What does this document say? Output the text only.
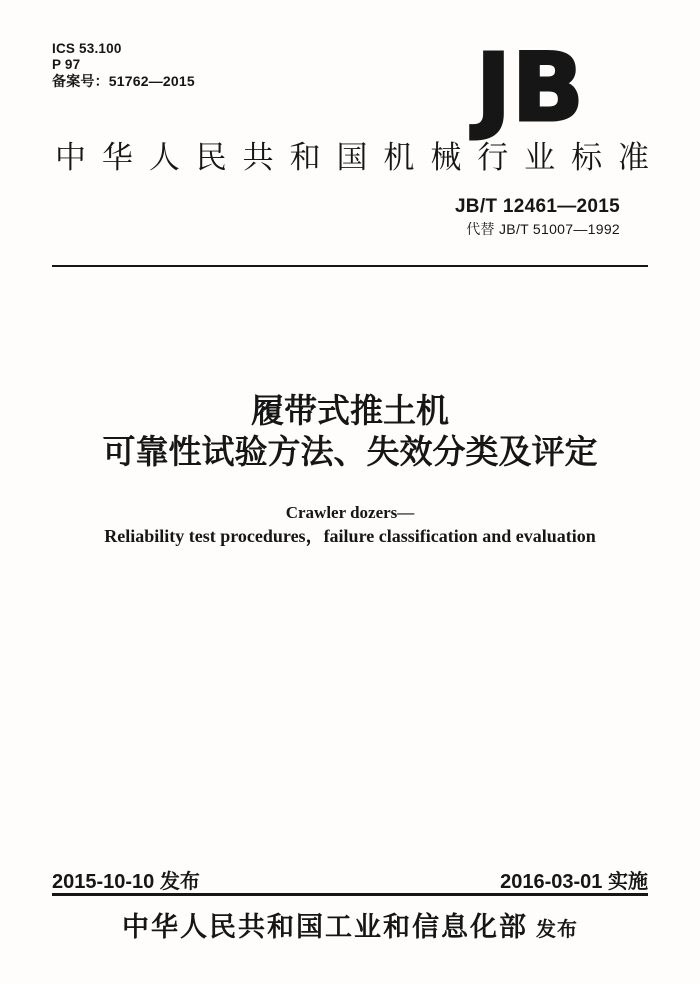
ICS 53.100
P 97
备案号：51762—2015	JB
中华人民共和国机械行业标准
JB/T 12461—2015
代替 JB/T 51007—1992
履带式推土机
可靠性试验方法、失效分类及评定
Crawler dozers—
Reliability test procedures，failure classification and evaluation
2015-10-10 发布	2016-03-01 实施
中华人民共和国工业和信息化部 发布
